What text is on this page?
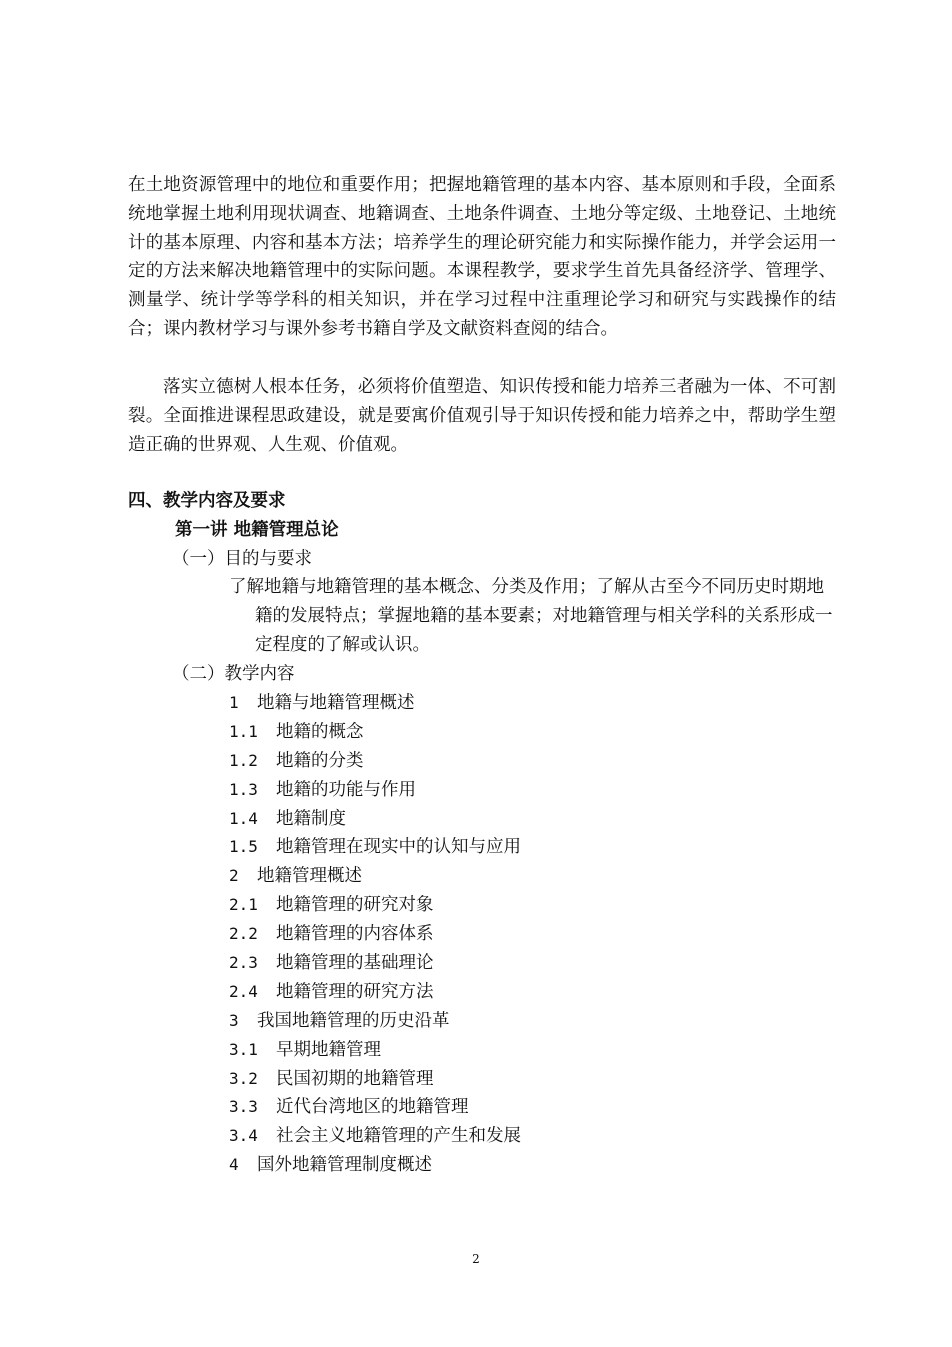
在土地资源管理中的地位和重要作用；把握地籍管理的基本内容、基本原则和手段，全面系统地掌握土地利用现状调查、地籍调查、土地条件调查、土地分等定级、土地登记、土地统计的基本原理、内容和基本方法；培养学生的理论研究能力和实际操作能力，并学会运用一定的方法来解决地籍管理中的实际问题。本课程教学，要求学生首先具备经济学、管理学、测量学、统计学等学科的相关知识，并在学习过程中注重理论学习和研究与实践操作的结合；课内教材学习与课外参考书籍自学及文献资料查阅的结合。

落实立德树人根本任务，必须将价值塑造、知识传授和能力培养三者融为一体、不可割裂。全面推进课程思政建设，就是要寓价值观引导于知识传授和能力培养之中，帮助学生塑造正确的世界观、人生观、价值观。

四、教学内容及要求
第一讲 地籍管理总论

（一）目的与要求

了解地籍与地籍管理的基本概念、分类及作用；了解从古至今不同历史时期地籍的发展特点；掌握地籍的基本要素；对地籍管理与相关学科的关系形成一定程度的了解或认识。

（二）教学内容

1 地籍与地籍管理概述
1.1 地籍的概念
1.2 地籍的分类
1.3 地籍的功能与作用
1.4 地籍制度
1.5 地籍管理在现实中的认知与应用
2 地籍管理概述
2.1 地籍管理的研究对象
2.2 地籍管理的内容体系
2.3 地籍管理的基础理论
2.4 地籍管理的研究方法
3 我国地籍管理的历史沿革
3.1 早期地籍管理
3.2 民国初期的地籍管理
3.3 近代台湾地区的地籍管理
3.4 社会主义地籍管理的产生和发展
4 国外地籍管理制度概述
2
